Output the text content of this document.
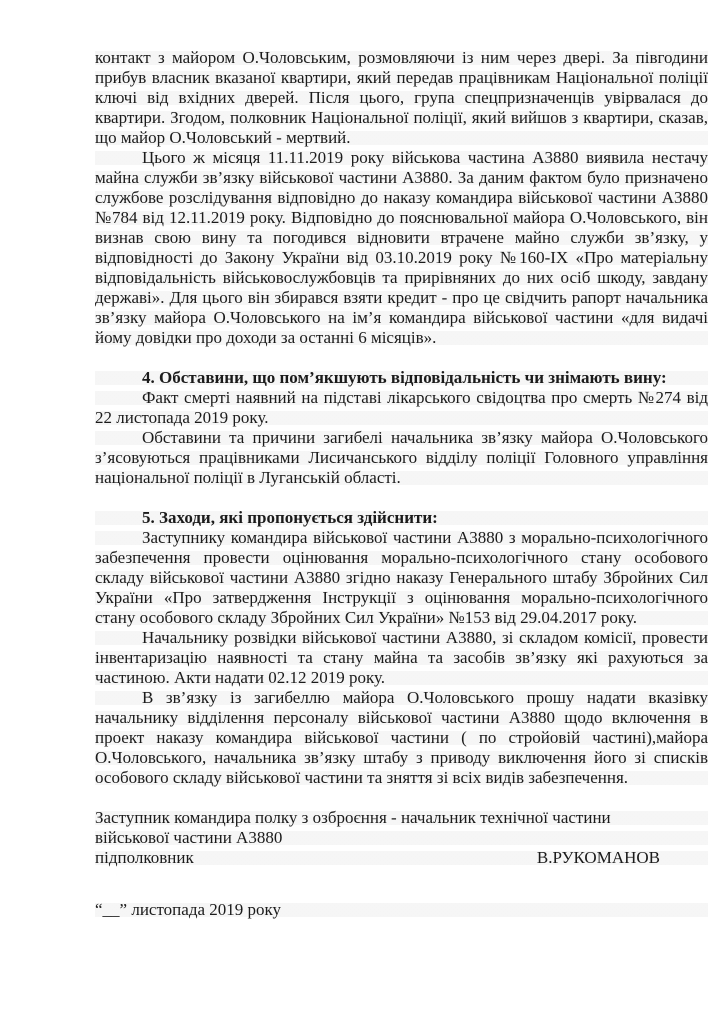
контакт з майором О.Чоловським, розмовляючи із ним через двері. За півгодини прибув власник вказаної квартири, який передав працівникам Національної поліції ключі від вхідних дверей. Після цього, група спецпризначенців увірвалася до квартири. Згодом, полковник Національної поліції, який вийшов з квартири, сказав, що майор О.Чоловський - мертвий.

Цього ж місяця 11.11.2019 року військова частина А3880 виявила нестачу майна служби зв’язку військової частини А3880. За даним фактом було призначено службове розслідування відповідно до наказу командира військової частини А3880 №784 від 12.11.2019 року. Відповідно до пояснювальної майора О.Чоловського, він визнав свою вину та погодився відновити втрачене майно служби зв’язку, у відповідності до Закону України від 03.10.2019 року №160-IX «Про матеріальну відповідальність військовослужбовців та прирівняних до них осіб шкоду, завдану державі». Для цього він збирався взяти кредит - про це свідчить рапорт начальника зв’язку майора О.Чоловського на ім’я командира військової частини «для видачі йому довідки про доходи за останні 6 місяців».

4. Обставини, що пом’якшують відповідальність чи знімають вину:

Факт смерті наявний на підставі лікарського свідоцтва про смерть №274 від 22 листопада 2019 року.

Обставини та причини загибелі начальника зв’язку майора О.Чоловського з’ясовуються працівниками Лисичанського відділу поліції Головного управління національної поліції в Луганській області.

5. Заходи, які пропонується здійснити:

Заступнику командира військової частини А3880 з морально-психологічного забезпечення провести оцінювання морально-психологічного стану особового складу військової частини А3880 згідно наказу Генерального штабу Збройних Сил України «Про затвердження Інструкції з оцінювання морально-психологічного стану особового складу Збройних Сил України» №153 від 29.04.2017 року.

Начальнику розвідки військової частини А3880, зі складом комісії, провести інвентаризацію наявності та стану майна та засобів зв’язку які рахуються за частиною. Акти надати 02.12 2019 року.

В зв’язку із загибеллю майора О.Чоловського прошу надати вказівку начальнику відділення персоналу військової частини А3880 щодо включення в проект наказу командира військової частини ( по стройовій частині),майора О.Чоловського, начальника зв’язку штабу з приводу виключення його зі списків особового складу військової частини та зняття зі всіх видів забезпечення.

Заступник командира полку з озброєння - начальник технічної частини

військової частини А3880

підполковник	В.РУКОМАНОВ

“__” листопада 2019 року
